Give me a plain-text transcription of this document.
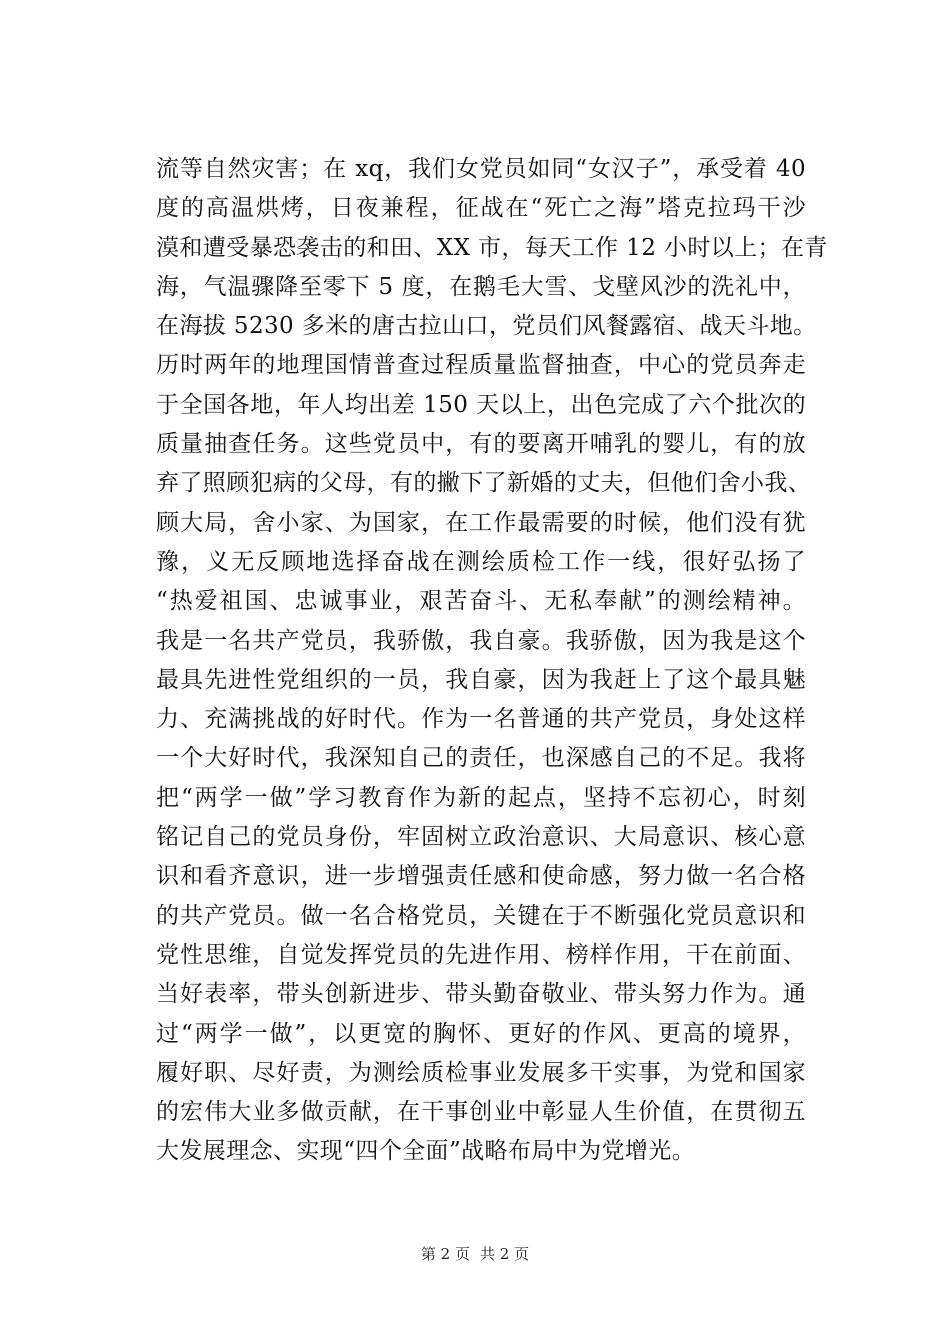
流等自然灾害；在 xq，我们女党员如同“女汉子”，承受着 40
度的高温烘烤，日夜兼程，征战在“死亡之海”塔克拉玛干沙
漠和遭受暴恐袭击的和田、XX 市，每天工作 12 小时以上；在青
海，气温骤降至零下 5 度，在鹅毛大雪、戈壁风沙的洗礼中，
在海拔 5230 多米的唐古拉山口，党员们风餐露宿、战天斗地。
历时两年的地理国情普查过程质量监督抽查，中心的党员奔走
于全国各地，年人均出差 150 天以上，出色完成了六个批次的
质量抽查任务。这些党员中，有的要离开哺乳的婴儿，有的放
弃了照顾犯病的父母，有的撇下了新婚的丈夫，但他们舍小我、
顾大局，舍小家、为国家，在工作最需要的时候，他们没有犹
豫，义无反顾地选择奋战在测绘质检工作一线，很好弘扬了
“热爱祖国、忠诚事业，艰苦奋斗、无私奉献”的测绘精神。
我是一名共产党员，我骄傲，我自豪。我骄傲，因为我是这个
最具先进性党组织的一员，我自豪，因为我赶上了这个最具魅
力、充满挑战的好时代。作为一名普通的共产党员，身处这样
一个大好时代，我深知自己的责任，也深感自己的不足。我将
把“两学一做”学习教育作为新的起点，坚持不忘初心，时刻
铭记自己的党员身份，牢固树立政治意识、大局意识、核心意
识和看齐意识，进一步增强责任感和使命感，努力做一名合格
的共产党员。做一名合格党员，关键在于不断强化党员意识和
党性思维，自觉发挥党员的先进作用、榜样作用，干在前面、
当好表率，带头创新进步、带头勤奋敬业、带头努力作为。通
过“两学一做”，以更宽的胸怀、更好的作风、更高的境界，
履好职、尽好责，为测绘质检事业发展多干实事，为党和国家
的宏伟大业多做贡献，在干事创业中彰显人生价值，在贯彻五
大发展理念、实现“四个全面”战略布局中为党增光。
第 2 页 共 2 页
